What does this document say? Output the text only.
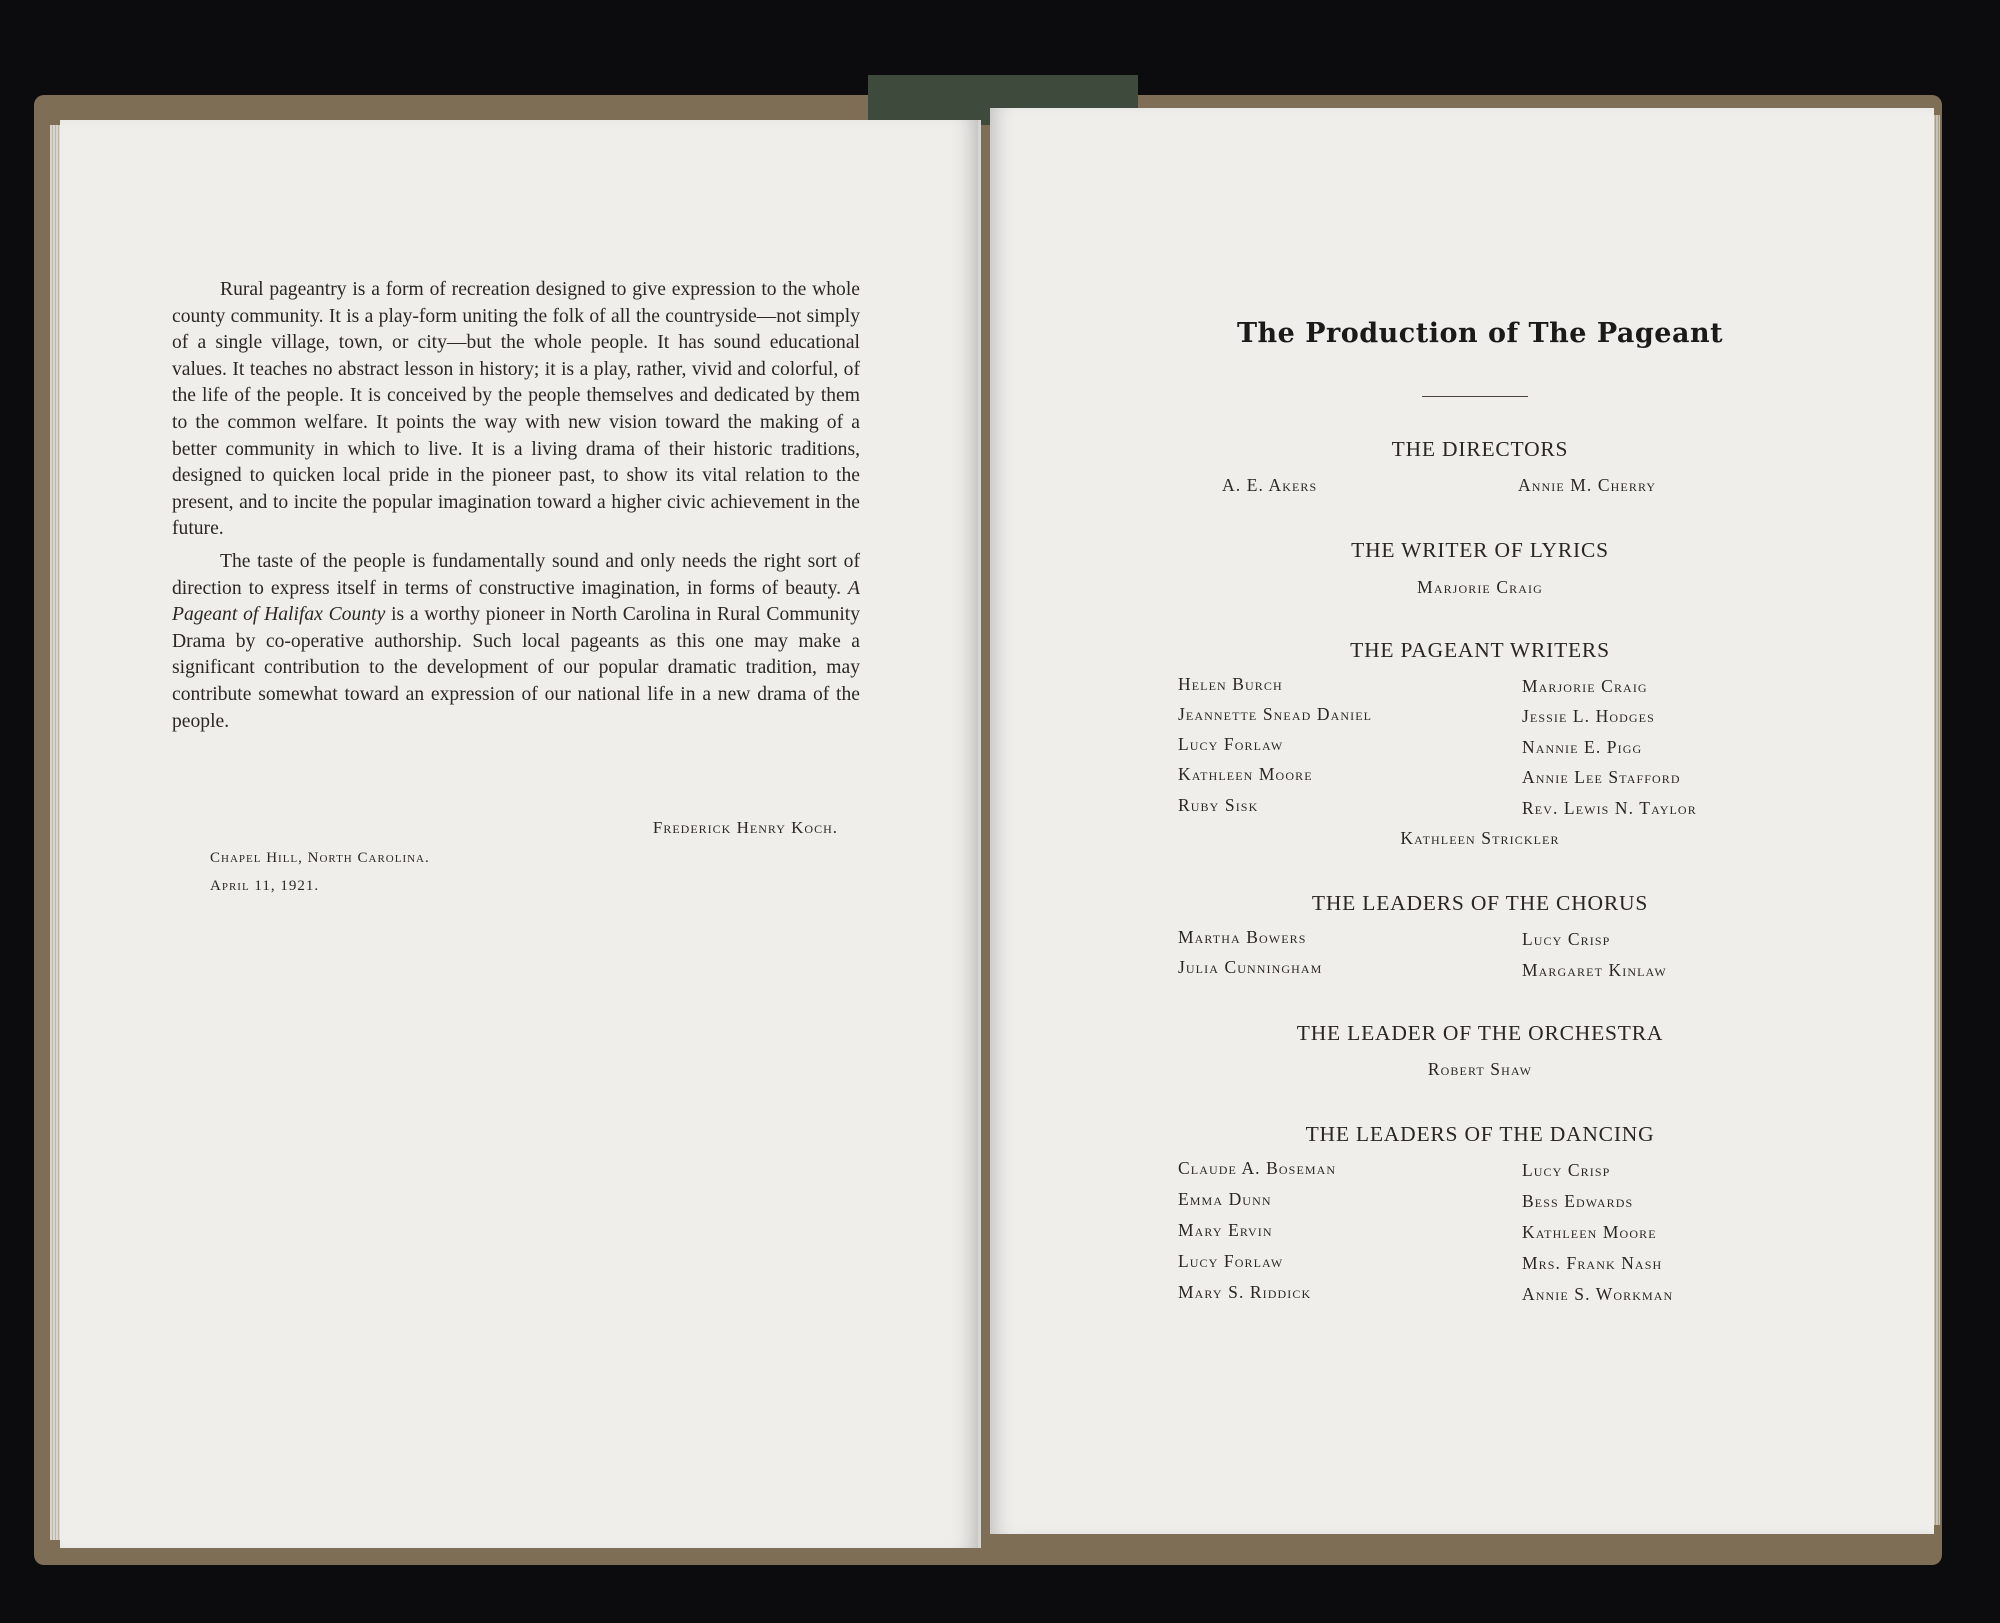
Rural pageantry is a form of recreation designed to give expression to the whole county community. It is a play-form uniting the folk of all the countryside—not simply of a single village, town, or city—but the whole people. It has sound educational values. It teaches no abstract lesson in history; it is a play, rather, vivid and colorful, of the life of the people. It is conceived by the people themselves and dedicated by them to the common welfare. It points the way with new vision toward the making of a better community in which to live. It is a living drama of their historic traditions, designed to quicken local pride in the pioneer past, to show its vital relation to the present, and to incite the popular imagination toward a higher civic achievement in the future.

The taste of the people is fundamentally sound and only needs the right sort of direction to express itself in terms of constructive imagination, in forms of beauty. A Pageant of Halifax County is a worthy pioneer in North Carolina in Rural Community Drama by co-operative authorship. Such local pageants as this one may make a significant contribution to the development of our popular dramatic tradition, may contribute somewhat toward an expression of our national life in a new drama of the people.

Frederick Henry Koch.
Chapel Hill, North Carolina.
April 11, 1921.
The Production of The Pageant
THE DIRECTORS
A. E. Akers	Annie M. Cherry
THE WRITER OF LYRICS
Marjorie Craig
THE PAGEANT WRITERS
Helen Burch
Jeannette Snead Daniel
Lucy Forlaw
Kathleen Moore
Ruby Sisk
Marjorie Craig
Jessie L. Hodges
Nannie E. Pigg
Annie Lee Stafford
Rev. Lewis N. Taylor
Kathleen Strickler
THE LEADERS OF THE CHORUS
Martha Bowers
Julia Cunningham
Lucy Crisp
Margaret Kinlaw
THE LEADER OF THE ORCHESTRA
Robert Shaw
THE LEADERS OF THE DANCING
Claude A. Boseman
Emma Dunn
Mary Ervin
Lucy Forlaw
Mary S. Riddick
Lucy Crisp
Bess Edwards
Kathleen Moore
Mrs. Frank Nash
Annie S. Workman
